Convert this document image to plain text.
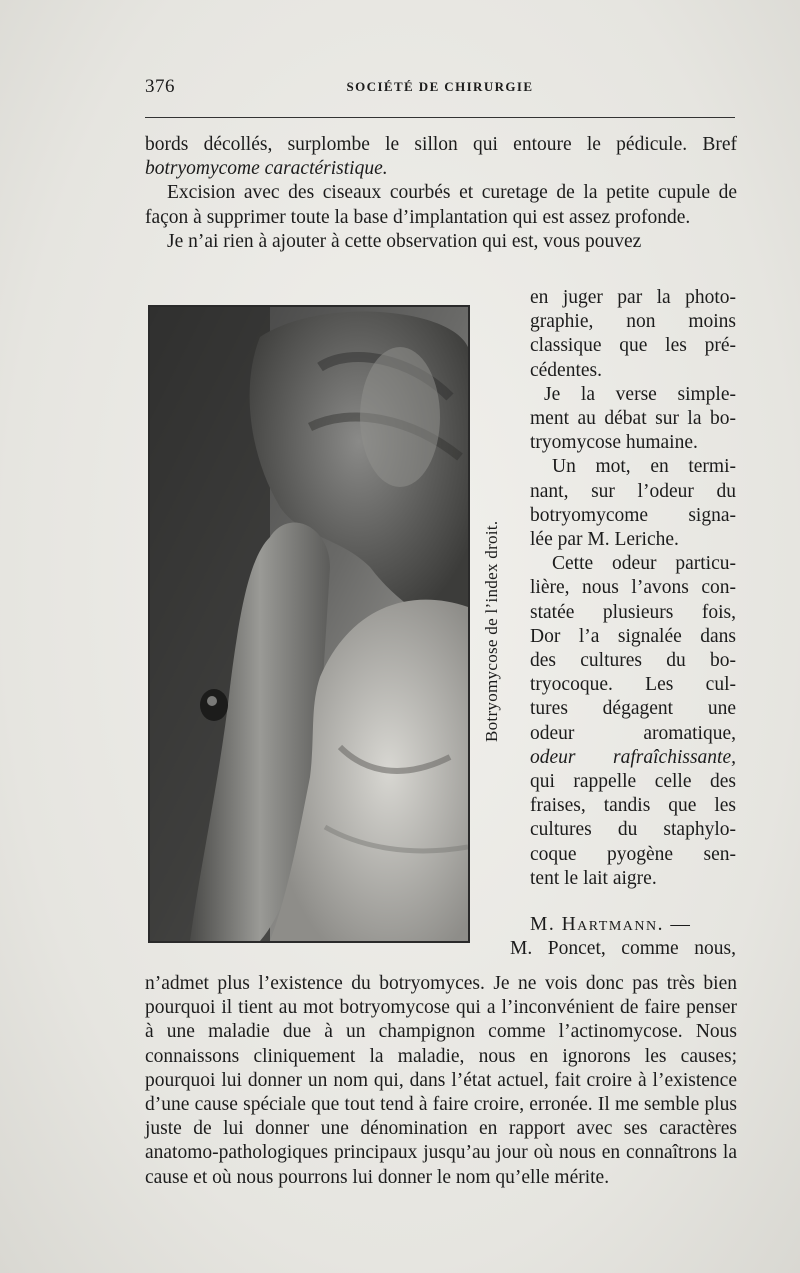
376	SOCIÉTÉ DE CHIRURGIE

bords décollés, surplombe le sillon qui entoure le pédicule. Bref botryomycome caractéristique.

Excision avec des ciseaux courbés et curetage de la petite cupule de façon à supprimer toute la base d’implantation qui est assez profonde.

Je n’ai rien à ajouter à cette observation qui est, vous pouvez

Botryomycose de l’index droit.
en juger par la photo-
graphie, non moins
classique que les pré-
cédentes.
Je la verse simple-
ment au débat sur la bo-
tryomycose humaine.
Un mot, en termi-
nant, sur l’odeur du
botryomycome signa-
lée par M. Leriche.
Cette odeur particu-
lière, nous l’avons con-
statée plusieurs fois,
Dor l’a signalée dans
des cultures du bo-
tryocoque. Les cul-
tures dégagent une
odeur aromatique,
odeur rafraîchissante,
qui rappelle celle des
fraises, tandis que les
cultures du staphylo-
coque pyogène sen-
tent le lait aigre.
M. Hartmann. —
M. Poncet, comme nous,

n’admet plus l’existence du botryomyces. Je ne vois donc pas très bien pourquoi il tient au mot botryomycose qui a l’inconvénient de faire penser à une maladie due à un champignon comme l’actinomycose. Nous connaissons cliniquement la maladie, nous en ignorons les causes; pourquoi lui donner un nom qui, dans l’état actuel, fait croire à l’existence d’une cause spéciale que tout tend à faire croire, erronée. Il me semble plus juste de lui donner une dénomination en rapport avec ses caractères anatomo-pathologiques principaux jusqu’au jour où nous en connaîtrons la cause et où nous pourrons lui donner le nom qu’elle mérite.
